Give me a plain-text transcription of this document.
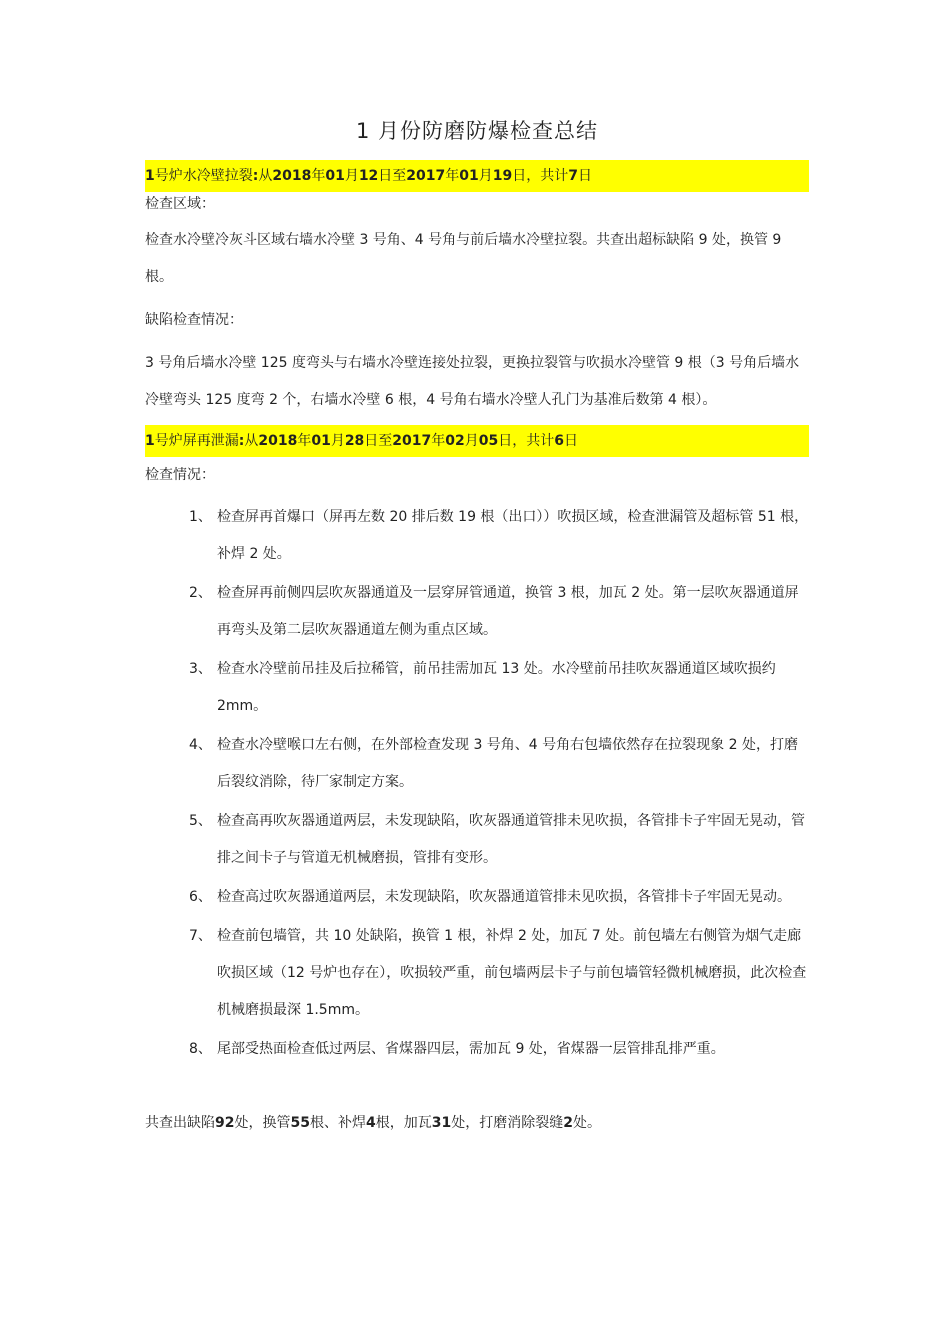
1 月份防磨防爆检查总结

1号炉水冷壁拉裂:从2018年01月12日至2017年01月19日，共计7日

检查区域：

检查水冷壁冷灰斗区域右墙水冷壁 3 号角、4 号角与前后墙水冷壁拉裂。共查出超标缺陷 9 处，换管 9 根。

缺陷检查情况：

3 号角后墙水冷壁 125 度弯头与右墙水冷壁连接处拉裂，更换拉裂管与吹损水冷壁管 9 根（3 号角后墙水冷壁弯头 125 度弯 2 个，右墙水冷壁 6 根，4 号角右墙水冷壁人孔门为基准后数第 4 根）。

1号炉屏再泄漏:从2018年01月28日至2017年02月05日，共计6日

检查情况：

1、 检查屏再首爆口（屏再左数 20 排后数 19 根（出口））吹损区域，检查泄漏管及超标管 51 根，补焊 2 处。
2、 检查屏再前侧四层吹灰器通道及一层穿屏管通道，换管 3 根，加瓦 2 处。第一层吹灰器通道屏再弯头及第二层吹灰器通道左侧为重点区域。
3、 检查水冷壁前吊挂及后拉稀管，前吊挂需加瓦 13 处。水冷壁前吊挂吹灰器通道区域吹损约 2mm。
4、 检查水冷壁喉口左右侧，在外部检查发现 3 号角、4 号角右包墙依然存在拉裂现象 2 处，打磨后裂纹消除，待厂家制定方案。
5、 检查高再吹灰器通道两层，未发现缺陷，吹灰器通道管排未见吹损，各管排卡子牢固无晃动，管排之间卡子与管道无机械磨损，管排有变形。
6、 检查高过吹灰器通道两层，未发现缺陷，吹灰器通道管排未见吹损，各管排卡子牢固无晃动。
7、 检查前包墙管，共 10 处缺陷，换管 1 根，补焊 2 处，加瓦 7 处。前包墙左右侧管为烟气走廊吹损区域（12 号炉也存在），吹损较严重，前包墙两层卡子与前包墙管轻微机械磨损，此次检查机械磨损最深 1.5mm。
8、 尾部受热面检查低过两层、省煤器四层，需加瓦 9 处，省煤器一层管排乱排严重。

共查出缺陷92处，换管55根、补焊4根，加瓦31处，打磨消除裂缝2处。
